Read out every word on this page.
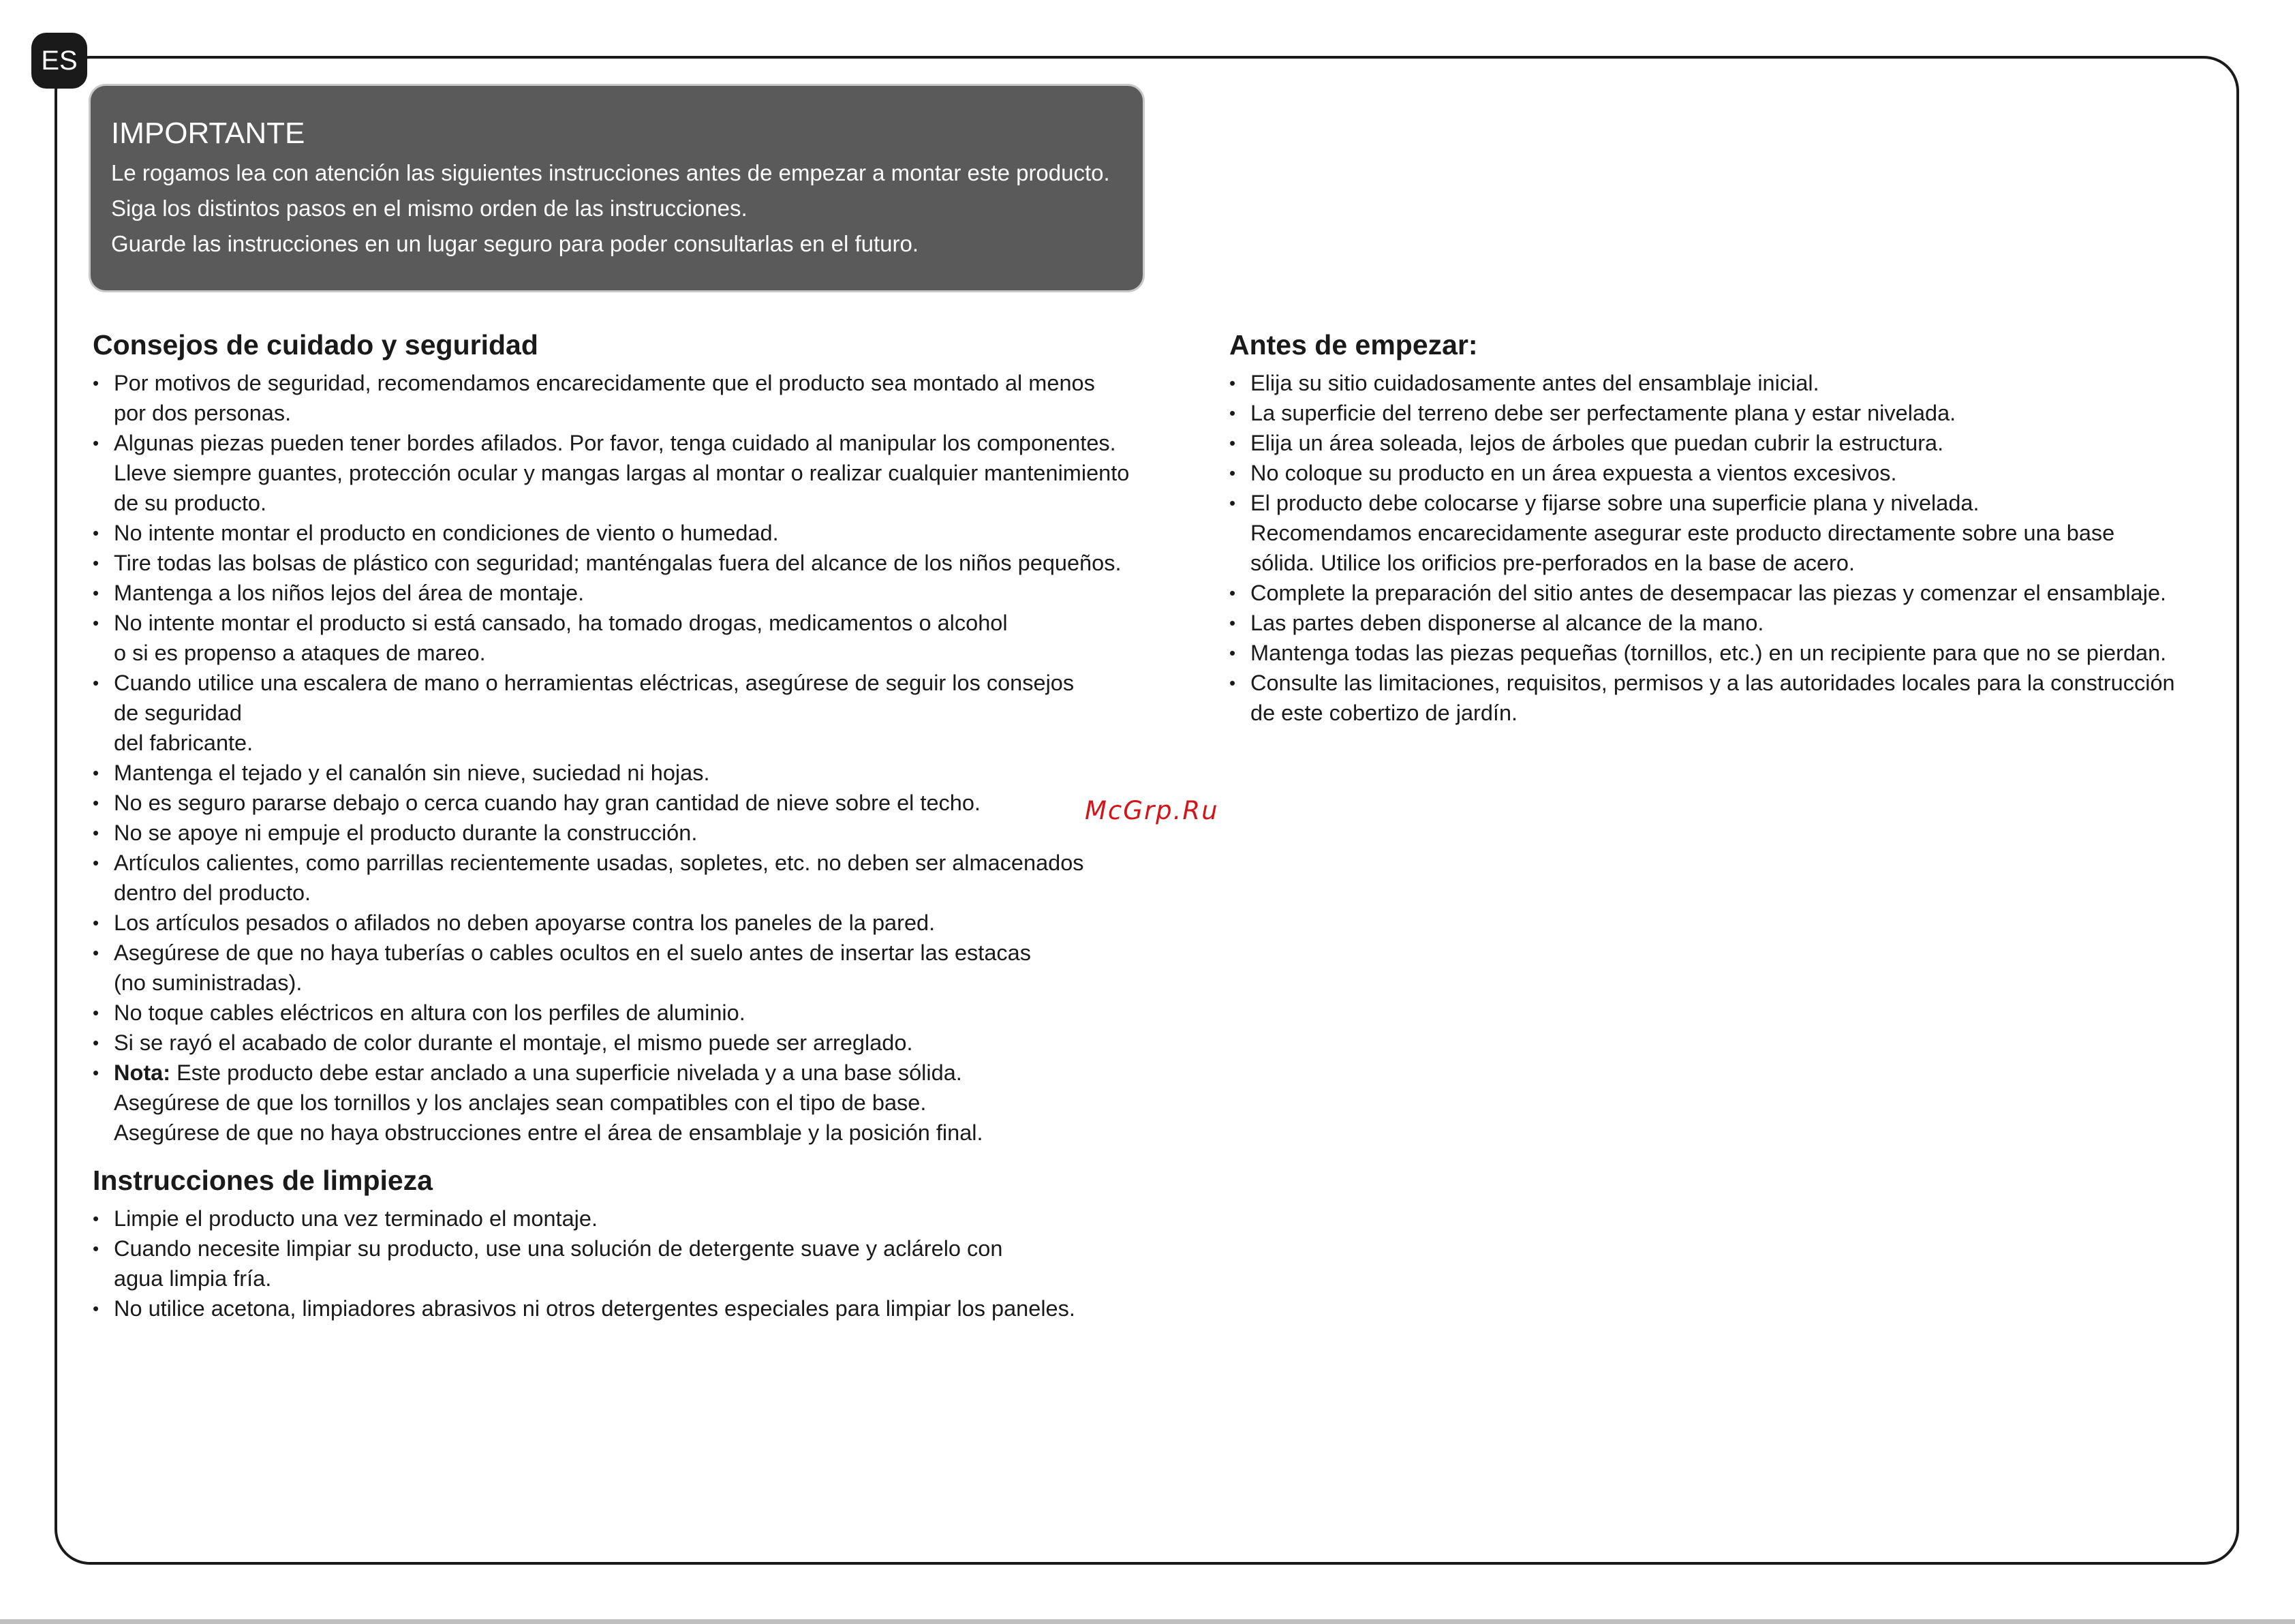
ES

IMPORTANTE

Le rogamos lea con atención las siguientes instrucciones antes de empezar a montar este producto.

Siga los distintos pasos en el mismo orden de las instrucciones.

Guarde las instrucciones en un lugar seguro para poder consultarlas en el futuro.

Consejos de cuidado y seguridad
• Por motivos de seguridad, recomendamos encarecidamente que el producto sea montado al menos
por dos personas.
• Algunas piezas pueden tener bordes afilados. Por favor, tenga cuidado al manipular los componentes.
Lleve siempre guantes, protección ocular y mangas largas al montar o realizar cualquier mantenimiento
de su producto.
• No intente montar el producto en condiciones de viento o humedad.
• Tire todas las bolsas de plástico con seguridad; manténgalas fuera del alcance de los niños pequeños.
• Mantenga a los niños lejos del área de montaje.
• No intente montar el producto si está cansado, ha tomado drogas, medicamentos o alcohol
o si es propenso a ataques de mareo.
• Cuando utilice una escalera de mano o herramientas eléctricas, asegúrese de seguir los consejos
de seguridad
del fabricante.
• Mantenga el tejado y el canalón sin nieve, suciedad ni hojas.
• No es seguro pararse debajo o cerca cuando hay gran cantidad de nieve sobre el techo.
• No se apoye ni empuje el producto durante la construcción.
• Artículos calientes, como parrillas recientemente usadas, sopletes, etc. no deben ser almacenados
dentro del producto.
• Los artículos pesados o afilados no deben apoyarse contra los paneles de la pared.
• Asegúrese de que no haya tuberías o cables ocultos en el suelo antes de insertar las estacas
(no suministradas).
• No toque cables eléctricos en altura con los perfiles de aluminio.
• Si se rayó el acabado de color durante el montaje, el mismo puede ser arreglado.
• Nota: Este producto debe estar anclado a una superficie nivelada y a una base sólida.
Asegúrese de que los tornillos y los anclajes sean compatibles con el tipo de base.
Asegúrese de que no haya obstrucciones entre el área de ensamblaje y la posición final.
Instrucciones de limpieza
• Limpie el producto una vez terminado el montaje.
• Cuando necesite limpiar su producto, use una solución de detergente suave y aclárelo con
agua limpia fría.
• No utilice acetona, limpiadores abrasivos ni otros detergentes especiales para limpiar los paneles.
Antes de empezar:
• Elija su sitio cuidadosamente antes del ensamblaje inicial.
• La superficie del terreno debe ser perfectamente plana y estar nivelada.
• Elija un área soleada, lejos de árboles que puedan cubrir la estructura.
• No coloque su producto en un área expuesta a vientos excesivos.
• El producto debe colocarse y fijarse sobre una superficie plana y nivelada.
Recomendamos encarecidamente asegurar este producto directamente sobre una base
sólida. Utilice los orificios pre-perforados en la base de acero.
• Complete la preparación del sitio antes de desempacar las piezas y comenzar el ensamblaje.
• Las partes deben disponerse al alcance de la mano.
• Mantenga todas las piezas pequeñas (tornillos, etc.) en un recipiente para que no se pierdan.
• Consulte las limitaciones, requisitos, permisos y a las autoridades locales para la construcción
de este cobertizo de jardín.
McGrp.Ru
